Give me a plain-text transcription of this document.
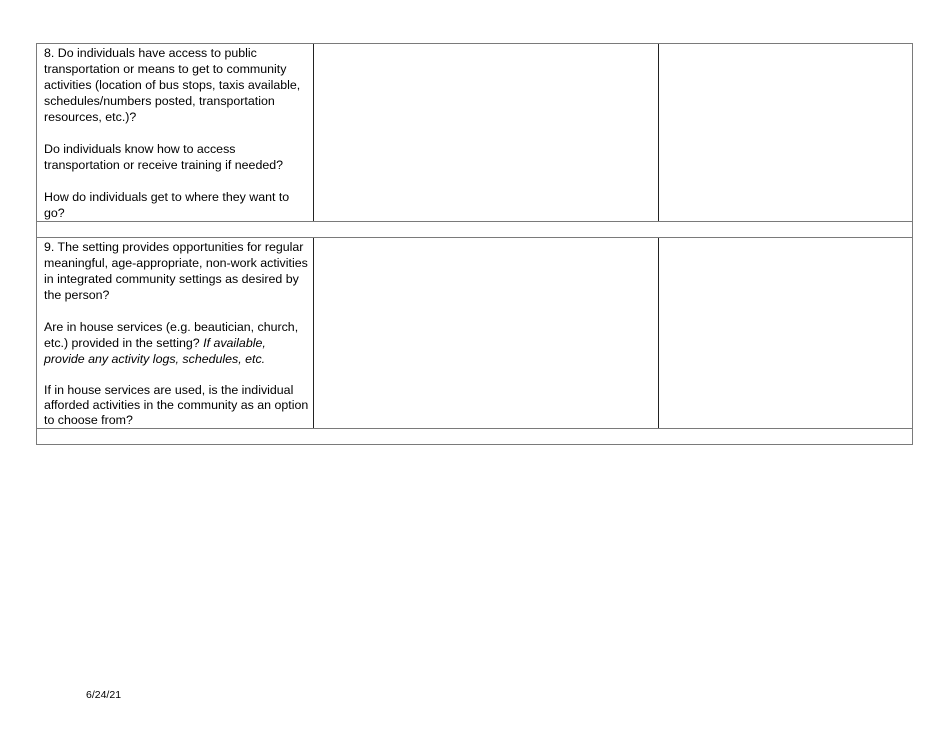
8. Do individuals have access to public transportation or means to get to community activities (location of bus stops, taxis available, schedules/numbers posted, transportation resources, etc.)?

Do individuals know how to access transportation or receive training if needed?

How do individuals get to where they want to go?

9. The setting provides opportunities for regular meaningful, age-appropriate, non-work activities in integrated community settings as desired by the person?

Are in house services (e.g. beautician, church, etc.) provided in the setting? If available, provide any activity logs, schedules, etc.

If in house services are used, is the individual afforded activities in the community as an option to choose from?

6/24/21
